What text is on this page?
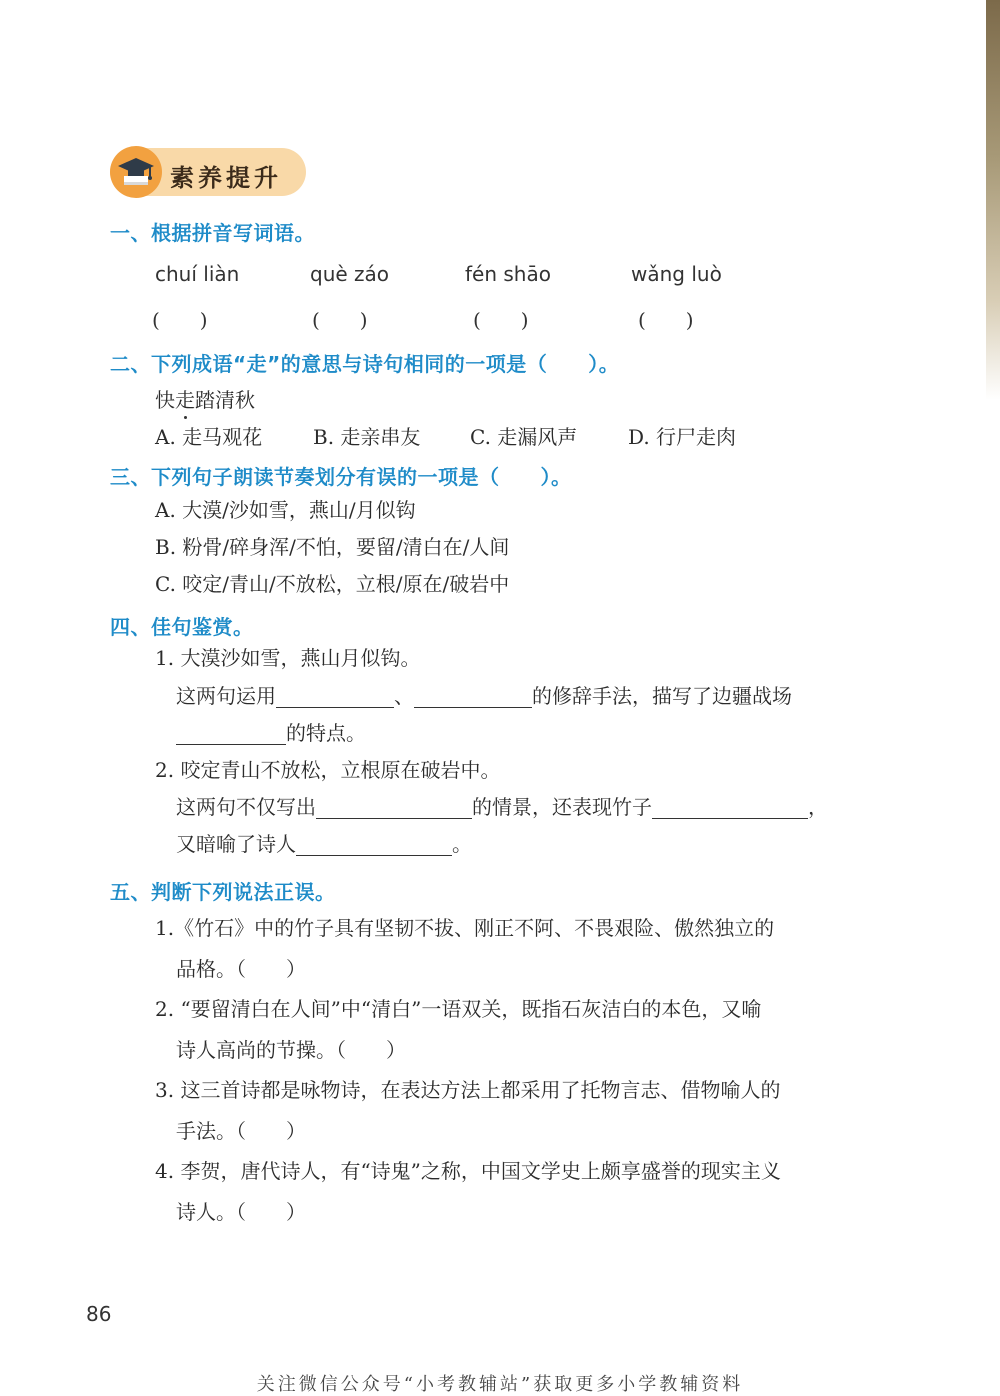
素养提升
一、根据拼音写词语。
chuí liàn	què záo	fén shāo	wǎng luò
(　　)	(　　)	(　　)	(　　)
二、下列成语“走”的意思与诗句相同的一项是（　　）。
快走踏清秋
A. 走马观花	B. 走亲串友 C. 走漏风声	D. 行尸走肉
三、下列句子朗读节奏划分有误的一项是（　　）。
A. 大漠/沙如雪，燕山/月似钩
B. 粉骨/碎身浑/不怕，要留/清白在/人间
C. 咬定/青山/不放松，立根/原在/破岩中
四、佳句鉴赏。
1. 大漠沙如雪，燕山月似钩。
这两句运用	、	的修辞手法，描写了边疆战场
的特点。
2. 咬定青山不放松，立根原在破岩中。
这两句不仅写出	的情景，还表现竹子	，
又暗喻了诗人	。
五、判断下列说法正误。
1.《竹石》中的竹子具有坚韧不拔、刚正不阿、不畏艰险、傲然独立的
品格。（　　）
2. “要留清白在人间”中“清白”一语双关，既指石灰洁白的本色，又喻
诗人高尚的节操。（　　）
3. 这三首诗都是咏物诗，在表达方法上都采用了托物言志、借物喻人的
手法。（　　）
4. 李贺，唐代诗人，有“诗鬼”之称，中国文学史上颇享盛誉的现实主义
诗人。（　　）
86
关注微信公众号“小考教辅站”获取更多小学教辅资料
